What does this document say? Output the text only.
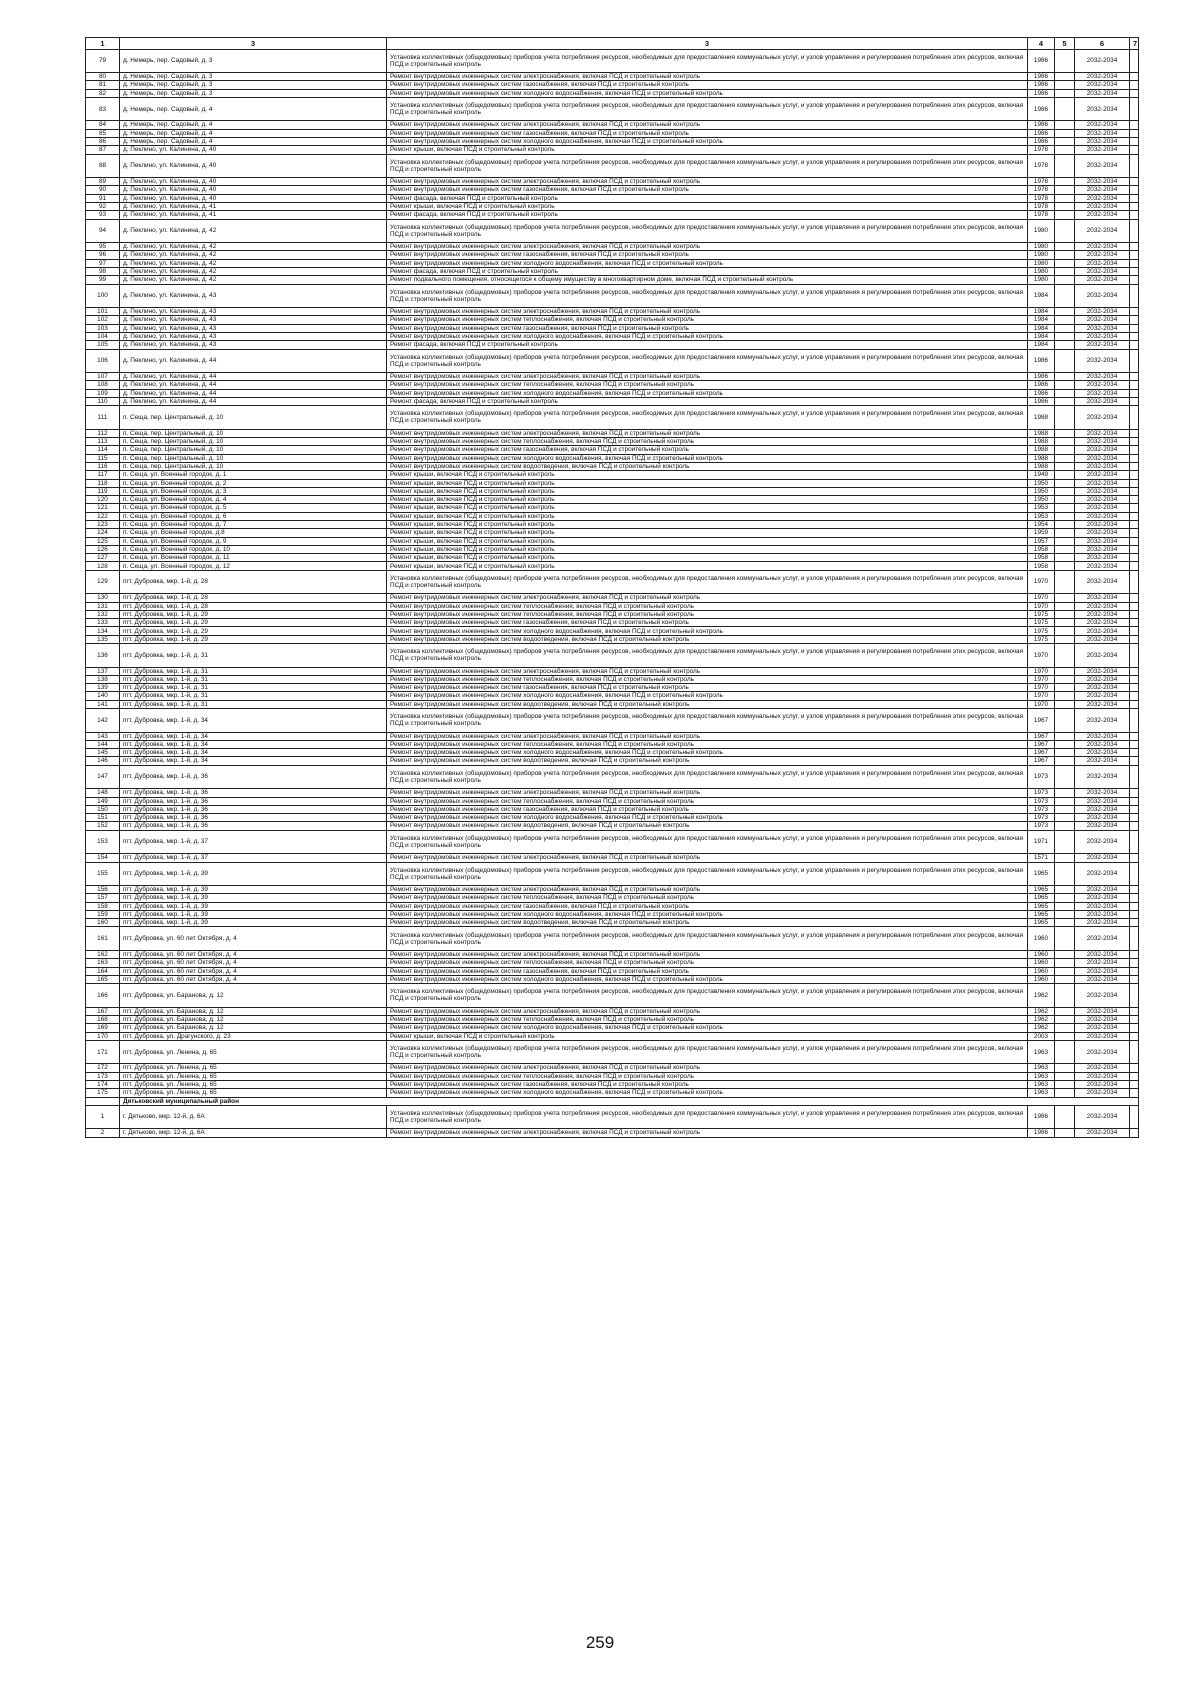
1	3	3	4	5	6	7
79	д. Немерь, пер. Садовый, д. 3	Установка коллективных (общедомовых) приборов учета потребления ресурсов, необходимых для предоставления коммунальных услуг, и узлов управления и регулирования потребления этих ресурсов, включая ПСД и строительный контроль	1986		2032-2034	
80	д. Немерь, пер. Садовый, д. 3	Ремонт внутридомовых инженерных систем электроснабжения, включая ПСД и строительный контроль	1986		2032-2034	
81	д. Немерь, пер. Садовый, д. 3	Ремонт внутридомовых инженерных систем газоснабжения, включая ПСД и строительный контроль	1986		2032-2034	
82	д. Немерь, пер. Садовый, д. 3	Ремонт внутридомовых инженерных систем холодного водоснабжения, включая ПСД и строительный контроль	1986		2032-2034	
83	д. Немерь, пер. Садовый, д. 4	Установка коллективных (общедомовых) приборов учета потребления ресурсов, необходимых для предоставления коммунальных услуг, и узлов управления и регулирования потребления этих ресурсов, включая ПСД и строительный контроль	1986		2032-2034	
84	д. Немерь, пер. Садовый, д. 4	Ремонт внутридомовых инженерных систем электроснабжения, включая ПСД и строительный контроль	1986		2032-2034	
85	д. Немерь, пер. Садовый, д. 4	Ремонт внутридомовых инженерных систем газоснабжения, включая ПСД и строительный контроль	1986		2032-2034	
86	д. Немерь, пер. Садовый, д. 4	Ремонт внутридомовых инженерных систем холодного водоснабжения, включая ПСД и строительный контроль	1986		2032-2034	
87	д. Пеклино, ул. Калинина, д. 40	Ремонт крыши, включая ПСД и строительный контроль	1978		2032-2034	
88	д. Пеклино, ул. Калинина, д. 40	Установка коллективных (общедомовых) приборов учета потребления ресурсов, необходимых для предоставления коммунальных услуг, и узлов управления и регулирования потребления этих ресурсов, включая ПСД и строительный контроль	1978		2032-2034	
89	д. Пеклино, ул. Калинина, д. 40	Ремонт внутридомовых инженерных систем электроснабжения, включая ПСД и строительный контроль	1978		2032-2034	
90	д. Пеклино, ул. Калинина, д. 40	Ремонт внутридомовых инженерных систем газоснабжения, включая ПСД и строительный контроль	1978		2032-2034	
91	д. Пеклино, ул. Калинина, д. 40	Ремонт фасада, включая ПСД и строительный контроль	1978		2032-2034	
92	д. Пеклино, ул. Калинина, д. 41	Ремонт крыши, включая ПСД и строительный контроль	1978		2032-2034	
93	д. Пеклино, ул. Калинина, д. 41	Ремонт фасада, включая ПСД и строительный контроль	1978		2032-2034	
94	д. Пеклино, ул. Калинина, д. 42	Установка коллективных (общедомовых) приборов учета потребления ресурсов, необходимых для предоставления коммунальных услуг, и узлов управления и регулирования потребления этих ресурсов, включая ПСД и строительный контроль	1980		2032-2034	
95	д. Пеклино, ул. Калинина, д. 42	Ремонт внутридомовых инженерных систем электроснабжения, включая ПСД и строительный контроль	1980		2032-2034	
96	д. Пеклино, ул. Калинина, д. 42	Ремонт внутридомовых инженерных систем газоснабжения, включая ПСД и строительный контроль	1980		2032-2034	
97	д. Пеклино, ул. Калинина, д. 42	Ремонт внутридомовых инженерных систем холодного водоснабжения, включая ПСД и строительный контроль	1980		2032-2034	
98	д. Пеклино, ул. Калинина, д. 42	Ремонт фасада, включая ПСД и строительный контроль	1980		2032-2034	
99	д. Пеклино, ул. Калинина, д. 42	Ремонт подвального помещения, относящегося к общему имуществу в многоквартирном доме, включая ПСД и строительный контроль	1980		2032-2034	
100	д. Пеклино, ул. Калинина, д. 43	Установка коллективных (общедомовых) приборов учета потребления ресурсов, необходимых для предоставления коммунальных услуг, и узлов управления и регулирования потребления этих ресурсов, включая ПСД и строительный контроль	1984		2032-2034	
101	д. Пеклино, ул. Калинина, д. 43	Ремонт внутридомовых инженерных систем электроснабжения, включая ПСД и строительный контроль	1984		2032-2034	
102	д. Пеклино, ул. Калинина, д. 43	Ремонт внутридомовых инженерных систем теплоснабжения, включая ПСД и строительный контроль	1984		2032-2034	
103	д. Пеклино, ул. Калинина, д. 43	Ремонт внутридомовых инженерных систем газоснабжения, включая ПСД и строительный контроль	1984		2032-2034	
104	д. Пеклино, ул. Калинина, д. 43	Ремонт внутридомовых инженерных систем холодного водоснабжения, включая ПСД и строительный контроль	1984		2032-2034	
105	д. Пеклино, ул. Калинина, д. 43	Ремонт фасада, включая ПСД и строительный контроль	1984		2032-2034	
106	д. Пеклино, ул. Калинина, д. 44	Установка коллективных (общедомовых) приборов учета потребления ресурсов, необходимых для предоставления коммунальных услуг, и узлов управления и регулирования потребления этих ресурсов, включая ПСД и строительный контроль	1986		2032-2034	
107	д. Пеклино, ул. Калинина, д. 44	Ремонт внутридомовых инженерных систем электроснабжения, включая ПСД и строительный контроль	1986		2032-2034	
108	д. Пеклино, ул. Калинина, д. 44	Ремонт внутридомовых инженерных систем теплоснабжения, включая ПСД и строительный контроль	1986		2032-2034	
109	д. Пеклино, ул. Калинина, д. 44	Ремонт внутридомовых инженерных систем холодного водоснабжения, включая ПСД и строительный контроль	1986		2032-2034	
110	д. Пеклино, ул. Калинина, д. 44	Ремонт фасада, включая ПСД и строительный контроль	1986		2032-2034	
111	п. Сеща, пер. Центральный, д. 10	Установка коллективных (общедомовых) приборов учета потребления ресурсов, необходимых для предоставления коммунальных услуг, и узлов управления и регулирования потребления этих ресурсов, включая ПСД и строительный контроль	1988		2032-2034	
112	п. Сеща, пер. Центральный, д. 10	Ремонт внутридомовых инженерных систем электроснабжения, включая ПСД и строительный контроль	1988		2032-2034	
113	п. Сеща, пер. Центральный, д. 10	Ремонт внутридомовых инженерных систем теплоснабжения, включая ПСД и строительный контроль	1988		2032-2034	
114	п. Сеща, пер. Центральный, д. 10	Ремонт внутридомовых инженерных систем газоснабжения, включая ПСД и строительный контроль	1988		2032-2034	
115	п. Сеща, пер. Центральный, д. 10	Ремонт внутридомовых инженерных систем холодного водоснабжения, включая ПСД и строительный контроль	1988		2032-2034	
116	п. Сеща, пер. Центральный, д. 10	Ремонт внутридомовых инженерных систем водоотведения, включая ПСД и строительный контроль	1988		2032-2034	
117	п. Сеща, ул. Военный городок, д. 1	Ремонт крыши, включая ПСД и строительный контроль	1949		2032-2034	
118	п. Сеща, ул. Военный городок, д. 2	Ремонт крыши, включая ПСД и строительный контроль	1950		2032-2034	
119	п. Сеща, ул. Военный городок, д. 3	Ремонт крыши, включая ПСД и строительный контроль	1950		2032-2034	
120	п. Сеща, ул. Военный городок, д. 4	Ремонт крыши, включая ПСД и строительный контроль	1950		2032-2034	
121	п. Сеща, ул. Военный городок, д. 5	Ремонт крыши, включая ПСД и строительный контроль	1953		2032-2034	
122	п. Сеща, ул. Военный городок, д. 6	Ремонт крыши, включая ПСД и строительный контроль	1953		2032-2034	
123	п. Сеща, ул. Военный городок, д. 7	Ремонт крыши, включая ПСД и строительный контроль	1954		2032-2034	
124	п. Сеща, ул. Военный городок, д.8	Ремонт крыши, включая ПСД и строительный контроль	1959		2032-2034	
125	п. Сеща, ул. Военный городок, д. 9	Ремонт крыши, включая ПСД и строительный контроль	1957		2032-2034	
126	п. Сеща, ул. Военный городок, д. 10	Ремонт крыши, включая ПСД и строительный контроль	1958		2032-2034	
127	п. Сеща, ул. Военный городок, д. 11	Ремонт крыши, включая ПСД и строительный контроль	1958		2032-2034	
128	п. Сеща, ул. Военный городок, д. 12	Ремонт крыши, включая ПСД и строительный контроль	1958		2032-2034	
129	пгт. Дубровка, мкр. 1-й, д. 28	Установка коллективных (общедомовых) приборов учета потребления ресурсов, необходимых для предоставления коммунальных услуг, и узлов управления и регулирования потребления этих ресурсов, включая ПСД и строительный контроль	1970		2032-2034	
130	пгт. Дубровка, мкр. 1-й, д. 28	Ремонт внутридомовых инженерных систем электроснабжения, включая ПСД и строительный контроль	1970		2032-2034	
131	пгт. Дубровка, мкр. 1-й, д. 28	Ремонт внутридомовых инженерных систем теплоснабжения, включая ПСД и строительный контроль	1970		2032-2034	
132	пгт. Дубровка, мкр. 1-й, д. 29	Ремонт внутридомовых инженерных систем теплоснабжения, включая ПСД и строительный контроль	1975		2032-2034	
133	пгт. Дубровка, мкр. 1-й, д. 29	Ремонт внутридомовых инженерных систем газоснабжения, включая ПСД и строительный контроль	1975		2032-2034	
134	пгт. Дубровка, мкр. 1-й, д. 29	Ремонт внутридомовых инженерных систем холодного водоснабжения, включая ПСД и строительный контроль	1975		2032-2034	
135	пгт. Дубровка, мкр. 1-й, д. 29	Ремонт внутридомовых инженерных систем водоотведения, включая ПСД и строительный контроль	1975		2032-2034	
136	пгт. Дубровка, мкр. 1-й, д. 31	Установка коллективных (общедомовых) приборов учета потребления ресурсов, необходимых для предоставления коммунальных услуг, и узлов управления и регулирования потребления этих ресурсов, включая ПСД и строительный контроль	1970		2032-2034	
137	пгт. Дубровка, мкр. 1-й, д. 31	Ремонт внутридомовых инженерных систем электроснабжения, включая ПСД и строительный контроль	1970		2032-2034	
138	пгт. Дубровка, мкр. 1-й, д. 31	Ремонт внутридомовых инженерных систем теплоснабжения, включая ПСД и строительный контроль	1970		2032-2034	
139	пгт. Дубровка, мкр. 1-й, д. 31	Ремонт внутридомовых инженерных систем газоснабжения, включая ПСД и строительный контроль	1970		2032-2034	
140	пгт. Дубровка, мкр. 1-й, д. 31	Ремонт внутридомовых инженерных систем холодного водоснабжения, включая ПСД и строительный контроль	1970		2032-2034	
141	пгт. Дубровка, мкр. 1-й, д. 31	Ремонт внутридомовых инженерных систем водоотведения, включая ПСД и строительный контроль	1970		2032-2034	
142	пгт. Дубровка, мкр. 1-й, д. 34	Установка коллективных (общедомовых) приборов учета потребления ресурсов, необходимых для предоставления коммунальных услуг, и узлов управления и регулирования потребления этих ресурсов, включая ПСД и строительный контроль	1967		2032-2034	
143	пгт. Дубровка, мкр. 1-й, д. 34	Ремонт внутридомовых инженерных систем электроснабжения, включая ПСД и строительный контроль	1967		2032-2034	
144	пгт. Дубровка, мкр. 1-й, д. 34	Ремонт внутридомовых инженерных систем теплоснабжения, включая ПСД и строительный контроль	1967		2032-2034	
145	пгт. Дубровка, мкр. 1-й, д. 34	Ремонт внутридомовых инженерных систем холодного водоснабжения, включая ПСД и строительный контроль	1967		2032-2034	
146	пгт. Дубровка, мкр. 1-й, д. 34	Ремонт внутридомовых инженерных систем водоотведения, включая ПСД и строительный контроль	1967		2032-2034	
147	пгт. Дубровка, мкр. 1-й, д. 36	Установка коллективных (общедомовых) приборов учета потребления ресурсов, необходимых для предоставления коммунальных услуг, и узлов управления и регулирования потребления этих ресурсов, включая ПСД и строительный контроль	1973		2032-2034	
148	пгт. Дубровка, мкр. 1-й, д. 36	Ремонт внутридомовых инженерных систем электроснабжения, включая ПСД и строительный контроль	1973		2032-2034	
149	пгт. Дубровка, мкр. 1-й, д. 36	Ремонт внутридомовых инженерных систем теплоснабжения, включая ПСД и строительный контроль	1973		2032-2034	
150	пгт. Дубровка, мкр. 1-й, д. 36	Ремонт внутридомовых инженерных систем газоснабжения, включая ПСД и строительный контроль	1973		2032-2034	
151	пгт. Дубровка, мкр. 1-й, д. 36	Ремонт внутридомовых инженерных систем холодного водоснабжения, включая ПСД и строительный контроль	1973		2032-2034	
152	пгт. Дубровка, мкр. 1-й, д. 36	Ремонт внутридомовых инженерных систем водоотведения, включая ПСД и строительный контроль	1973		2032-2034	
153	пгт. Дубровка, мкр. 1-й, д. 37	Установка коллективных (общедомовых) приборов учета потребления ресурсов, необходимых для предоставления коммунальных услуг, и узлов управления и регулирования потребления этих ресурсов, включая ПСД и строительный контроль	1971		2032-2034	
154	пгт. Дубровка, мкр. 1-й, д. 37	Ремонт внутридомовых инженерных систем электроснабжения, включая ПСД и строительный контроль	1571		2032-2034	
155	пгт. Дубровка, мкр. 1-й, д. 39	Установка коллективных (общедомовых) приборов учета потребления ресурсов, необходимых для предоставления коммунальных услуг, и узлов управления и регулирования потребления этих ресурсов, включая ПСД и строительный контроль	1965		2032-2034	
156	пгт. Дубровка, мкр. 1-й, д. 39	Ремонт внутридомовых инженерных систем электроснабжения, включая ПСД и строительный контроль	1965		2032-2034	
157	пгт. Дубровка, мкр. 1-й, д. 39	Ремонт внутридомовых инженерных систем теплоснабжения, включая ПСД и строительный контроль	1965		2032-2034	
158	пгт. Дубровка, мкр. 1-й, д. 39	Ремонт внутридомовых инженерных систем газоснабжения, включая ПСД и строительный контроль	1965		2032-2034	
159	пгт. Дубровка, мкр. 1-й, д. 39	Ремонт внутридомовых инженерных систем холодного водоснабжения, включая ПСД и строительный контроль	1965		2032-2034	
160	пгт. Дубровка, мкр. 1-й, д. 39	Ремонт внутридомовых инженерных систем водоотведения, включая ПСД и строительный контроль	1965		2032-2034	
161	пгт. Дубровка, ул. 60 лет Октября, д. 4	Установка коллективных (общедомовых) приборов учета потребления ресурсов, необходимых для предоставления коммунальных услуг, и узлов управления и регулирования потребления этих ресурсов, включая ПСД и строительный контроль	1960		2032-2034	
162	пгт. Дубровка, ул. 60 лет Октября, д. 4	Ремонт внутридомовых инженерных систем электроснабжения, включая ПСД и строительный контроль	1960		2032-2034	
163	пгт. Дубровка, ул. 60 лет Октября, д. 4	Ремонт внутридомовых инженерных систем теплоснабжения, включая ПСД и строительный контроль	1960		2032-2034	
164	пгт. Дубровка, ул. 60 лет Октября, д. 4	Ремонт внутридомовых инженерных систем газоснабжения, включая ПСД и строительный контроль	1960		2032-2034	
165	пгт. Дубровка, ул. 60 лет Октября, д. 4	Ремонт внутридомовых инженерных систем холодного водоснабжения, включая ПСД и строительный контроль	1960		2032-2034	
166	пгт. Дубровка, ул. Баранова, д. 12	Установка коллективных (общедомовых) приборов учета потребления ресурсов, необходимых для предоставления коммунальных услуг, и узлов управления и регулирования потребления этих ресурсов, включая ПСД и строительный контроль	1962		2032-2034	
167	пгт. Дубровка, ул. Баранова, д. 12	Ремонт внутридомовых инженерных систем электроснабжения, включая ПСД и строительный контроль	1962		2032-2034	
168	пгт. Дубровка, ул. Баранова, д. 12	Ремонт внутридомовых инженерных систем теплоснабжения, включая ПСД и строительный контроль	1962		2032-2034	
169	пгт. Дубровка, ул. Баранова, д. 12	Ремонт внутридомовых инженерных систем холодного водоснабжения, включая ПСД и строительный контроль	1962		2032-2034	
170	пгт. Дубровка, ул. Драгунского, д. 23	Ремонт крыши, включая ПСД и строительный контроль	2003		2032-2034	
171	пгт. Дубровка, ул. Ленина, д. 65	Установка коллективных (общедомовых) приборов учета потребления ресурсов, необходимых для предоставления коммунальных услуг, и узлов управления и регулирования потребления этих ресурсов, включая ПСД и строительный контроль	1963		2032-2034	
172	пгт. Дубровка, ул. Ленина, д. 65	Ремонт внутридомовых инженерных систем электроснабжения, включая ПСД и строительный контроль	1963		2032-2034	
173	пгт. Дубровка, ул. Ленина, д. 65	Ремонт внутридомовых инженерных систем теплоснабжения, включая ПСД и строительный контроль	1963		2032-2034	
174	пгт. Дубровка, ул. Ленина, д. 65	Ремонт внутридомовых инженерных систем газоснабжения, включая ПСД и строительный контроль	1963		2032-2034	
175	пгт. Дубровка, ул. Ленина, д. 65	Ремонт внутридомовых инженерных систем холодного водоснабжения, включая ПСД и строительный контроль	1963		2032-2034	
	Дятьковский муниципальный район					
1	г. Дятьково, мкр. 12-й, д. 6А	Установка коллективных (общедомовых) приборов учета потребления ресурсов, необходимых для предоставления коммунальных услуг, и узлов управления и регулирования потребления этих ресурсов, включая ПСД и строительный контроль	1986		2032-2034	
2	г. Дятьково, мкр. 12-й, д. 6А	Ремонт внутридомовых инженерных систем электроснабжения, включая ПСД и строительный контроль	1986		2032-2034	
259
